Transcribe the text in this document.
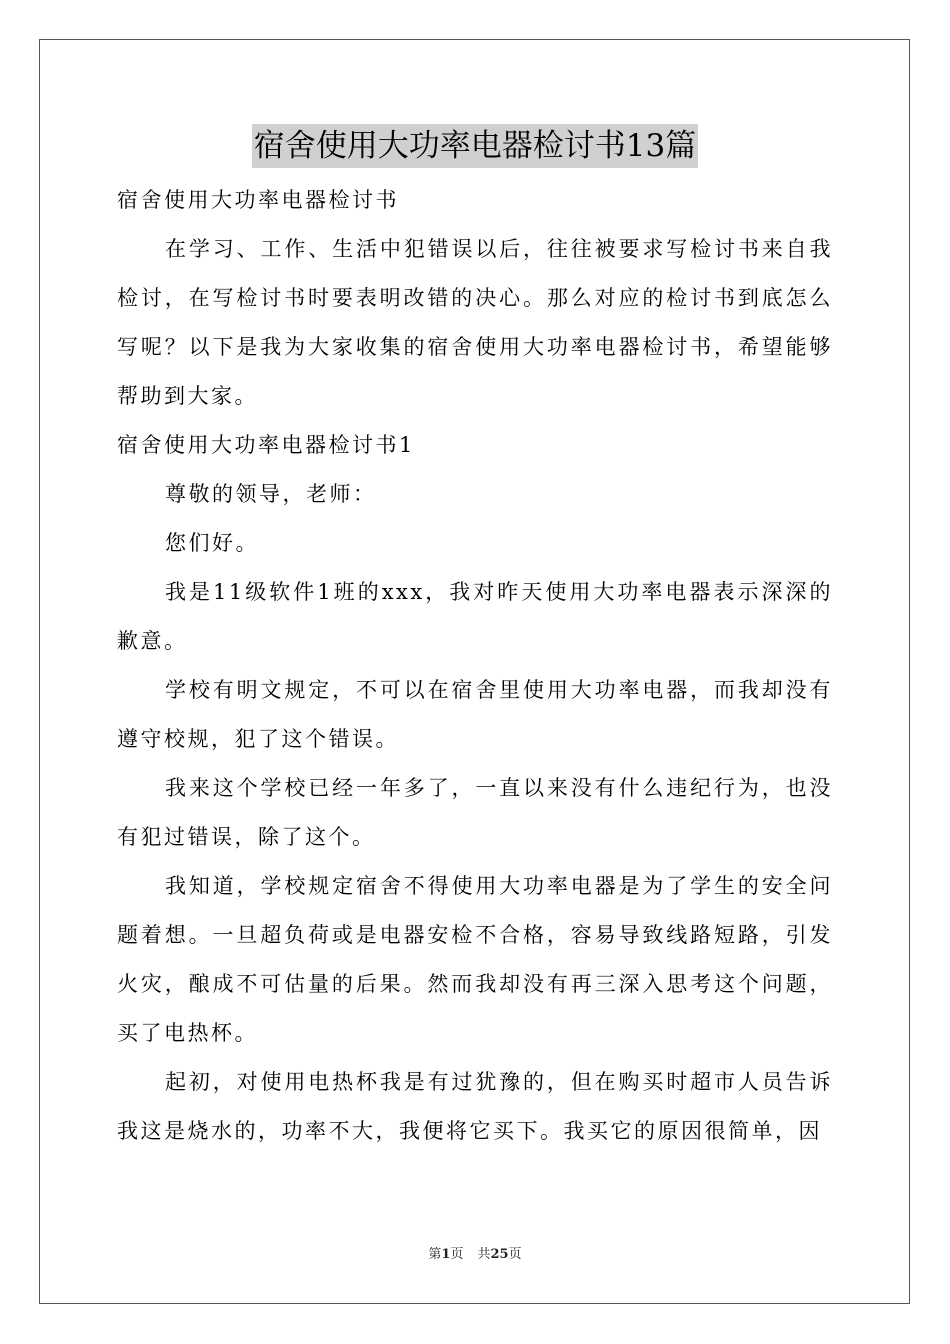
宿舍使用大功率电器检讨书13篇

宿舍使用大功率电器检讨书

在学习、工作、生活中犯错误以后，往往被要求写检讨书来自我检讨，在写检讨书时要表明改错的决心。那么对应的检讨书到底怎么写呢？以下是我为大家收集的宿舍使用大功率电器检讨书，希望能够帮助到大家。

宿舍使用大功率电器检讨书1

尊敬的领导，老师：

您们好。

我是11级软件1班的xxx，我对昨天使用大功率电器表示深深的歉意。

学校有明文规定，不可以在宿舍里使用大功率电器，而我却没有遵守校规，犯了这个错误。

我来这个学校已经一年多了，一直以来没有什么违纪行为，也没有犯过错误，除了这个。

我知道，学校规定宿舍不得使用大功率电器是为了学生的安全问题着想。一旦超负荷或是电器安检不合格，容易导致线路短路，引发火灾，酿成不可估量的后果。然而我却没有再三深入思考这个问题，买了电热杯。

起初，对使用电热杯我是有过犹豫的，但在购买时超市人员告诉我这是烧水的，功率不大，我便将它买下。我买它的原因很简单，因

第1页 共25页
